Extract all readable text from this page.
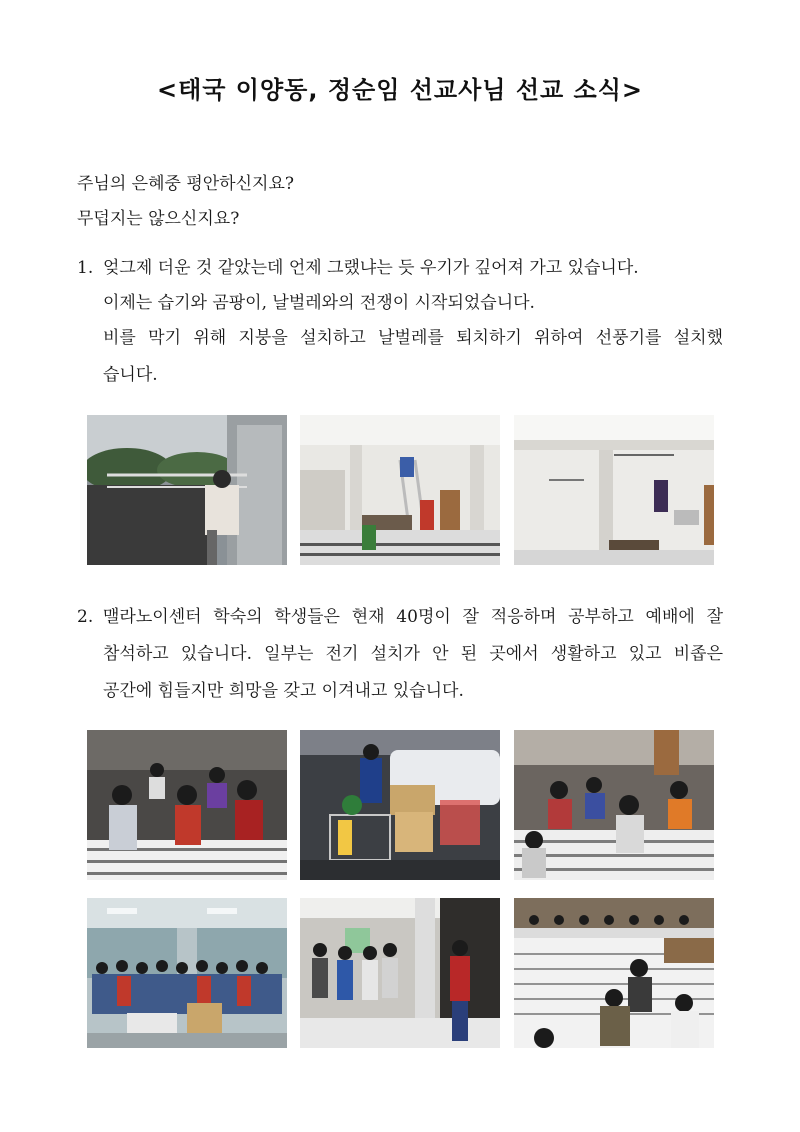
<태국 이양동, 정순임 선교사님 선교 소식>
주님의 은혜중 평안하신지요?
무덥지는 않으신지요?
1. 엊그제 더운 것 같았는데 언제 그랬냐는 듯 우기가 깊어져 가고 있습니다.
이제는 습기와 곰팡이, 날벌레와의 전쟁이 시작되었습니다.
비를 막기 위해 지붕을 설치하고 날벌레를 퇴치하기 위하여 선풍기를 설치했
습니다.
2. 맬라노이센터 학숙의 학생들은 현재 40명이 잘 적응하며 공부하고 예배에 잘
참석하고 있습니다. 일부는 전기 설치가 안 된 곳에서 생활하고 있고 비좁은
공간에 힘들지만 희망을 갖고 이겨내고 있습니다.
